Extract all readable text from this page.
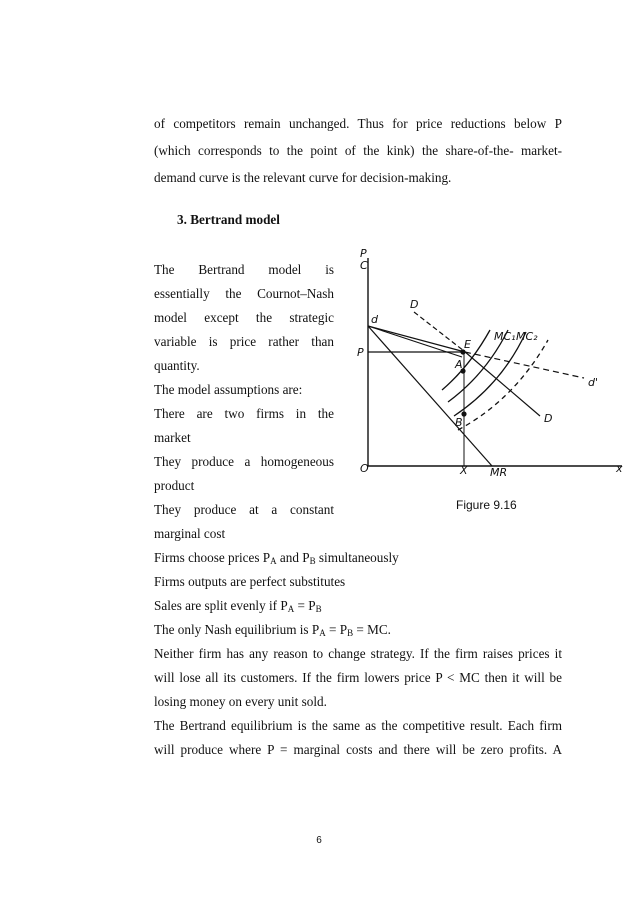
of competitors remain unchanged. Thus for price reductions below P
(which corresponds to the point of the kink) the share-of-the- market-
demand curve is the relevant curve for decision-making.
3. Bertrand model
The Bertrand model is
essentially the Cournot–Nash
model except the strategic
variable is price rather than
quantity.
The model assumptions are:
There are two firms in the
market
They produce a homogeneous
product
They produce at a constant
marginal cost
Firms choose prices $P_A$ and $P_B$ simultaneously
Firms outputs are perfect substitutes
Sales are split evenly if $P_A = P_B$
The only Nash equilibrium is $P_A = P_B$ = MC.
Neither firm has any reason to change strategy. If the firm raises prices it
will lose all its customers. If the firm lowers price P < MC then it will be
losing money on every unit sold.
The Bertrand equilibrium is the same as the competitive result. Each firm
will produce where P = marginal costs and there will be zero profits. A
P
C
d
P
D
E
A
MC₁ MC₂
d'
B	D
O	X MR	x
Figure 9.16
6
